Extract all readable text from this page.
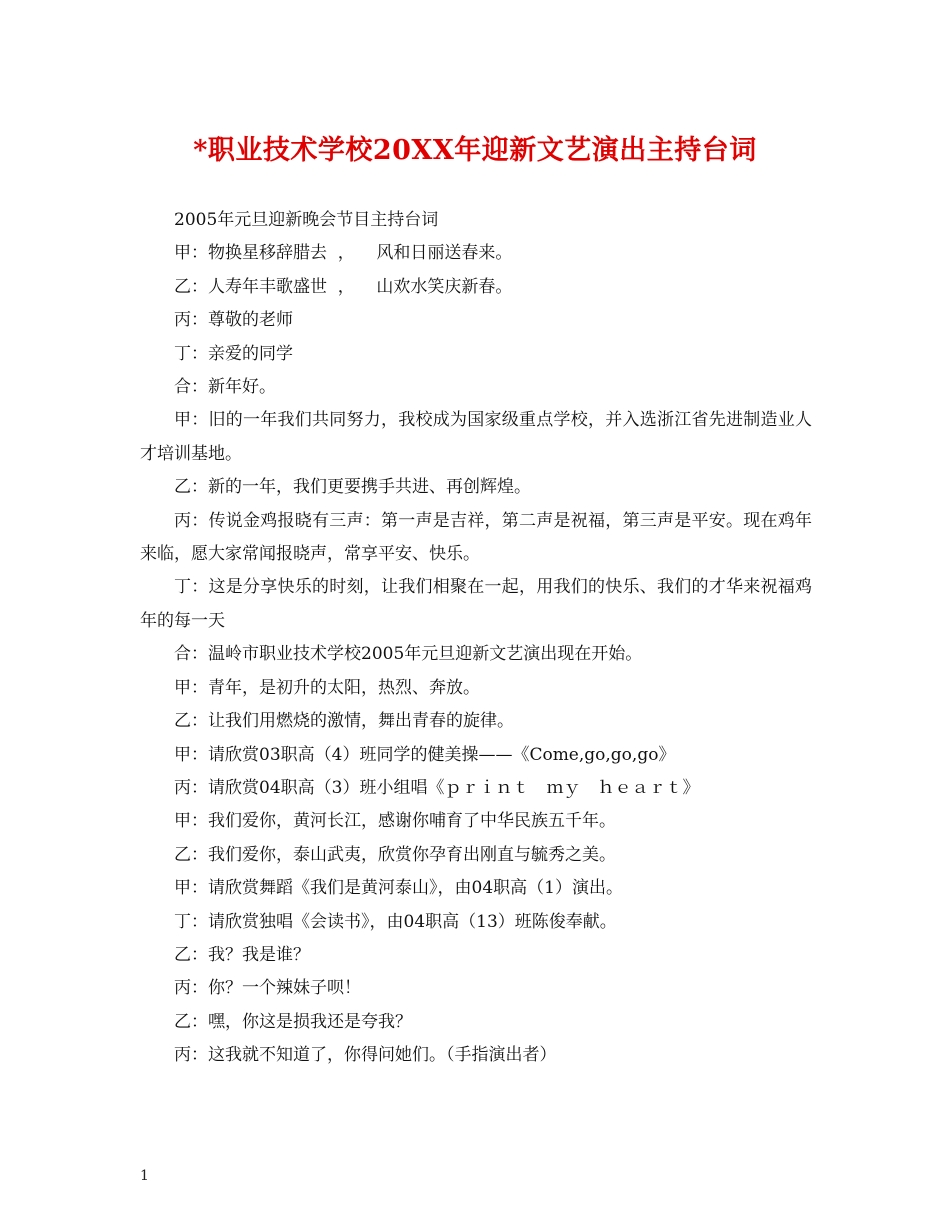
*职业技术学校20XX年迎新文艺演出主持台词

2005年元旦迎新晚会节目主持台词

甲：物换星移辞腊去  ，    风和日丽送春来。

乙：人寿年丰歌盛世  ，    山欢水笑庆新春。

丙：尊敬的老师

丁：亲爱的同学

合：新年好。

甲：旧的一年我们共同努力，我校成为国家级重点学校，并入选浙江省先进制造业人才培训基地。

乙：新的一年，我们更要携手共进、再创辉煌。

丙：传说金鸡报晓有三声：第一声是吉祥，第二声是祝福，第三声是平安。现在鸡年来临，愿大家常闻报晓声，常享平安、快乐。

丁：这是分享快乐的时刻，让我们相聚在一起，用我们的快乐、我们的才华来祝福鸡年的每一天

合：温岭市职业技术学校2005年元旦迎新文艺演出现在开始。

甲：青年，是初升的太阳，热烈、奔放。

乙：让我们用燃烧的激情，舞出青春的旋律。

甲：请欣赏03职高（4）班同学的健美操——《Come,go,go,go》

丙：请欣赏04职高（3）班小组唱《ｐｒｉｎｔ　ｍｙ　ｈｅａｒｔ》

甲：我们爱你，黄河长江，感谢你哺育了中华民族五千年。

乙：我们爱你，泰山武夷，欣赏你孕育出刚直与毓秀之美。

甲：请欣赏舞蹈《我们是黄河泰山》，由04职高（1）演出。

丁：请欣赏独唱《会读书》，由04职高（13）班陈俊奉献。

乙：我？我是谁？

丙：你？一个辣妹子呗！

乙：嘿，你这是损我还是夸我？

丙：这我就不知道了，你得问她们。（手指演出者）

1
